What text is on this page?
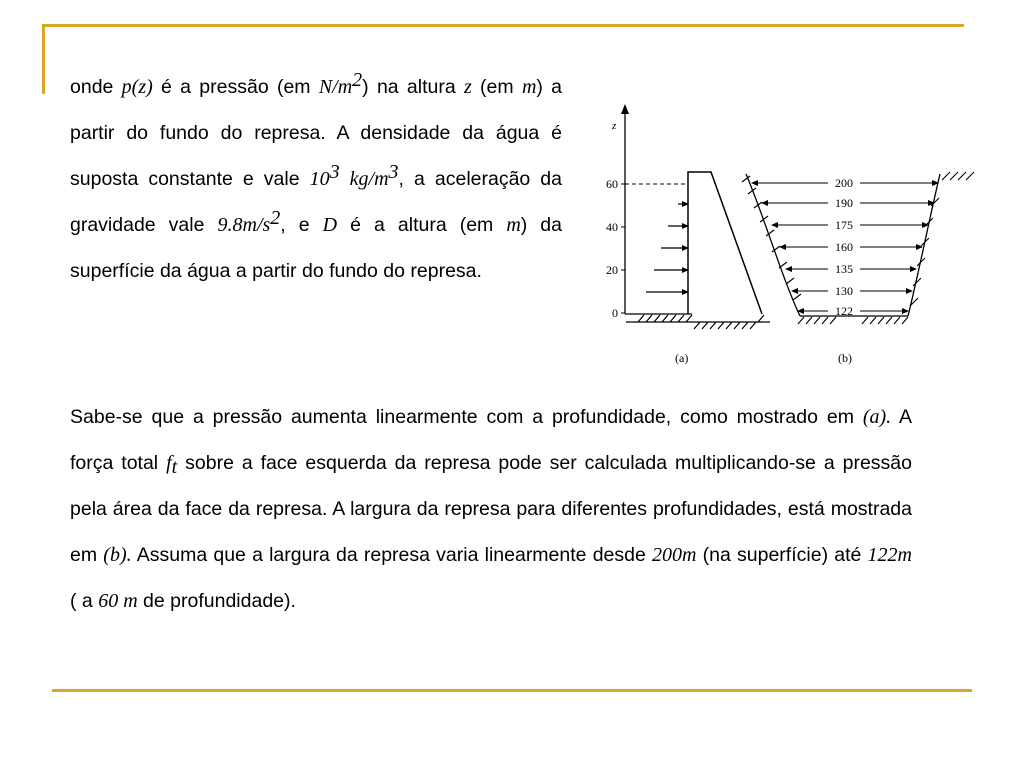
onde p(z) é a pressão (em $N/m^2$) na altura z (em m) a partir do fundo do represa. A densidade da água é suposta constante e vale $10^3$ $kg/m^3$, a aceleração da gravidade vale $9.8m/s^2$, e D é a altura (em m) da superfície da água a partir do fundo do represa.
Sabe-se que a pressão aumenta linearmente com a profundidade, como mostrado em (a). A força total $f_t$ sobre a face esquerda da represa pode ser calculada multiplicando-se a pressão pela área da face da represa. A largura da represa para diferentes profundidades, está mostrada em (b). Assuma que a largura da represa varia linearmente desde 200m (na superfície) até 122m ( a 60 m de profundidade).
z
60
40
20
0
(a)
200
190
175
160
135
130
122
(b)
